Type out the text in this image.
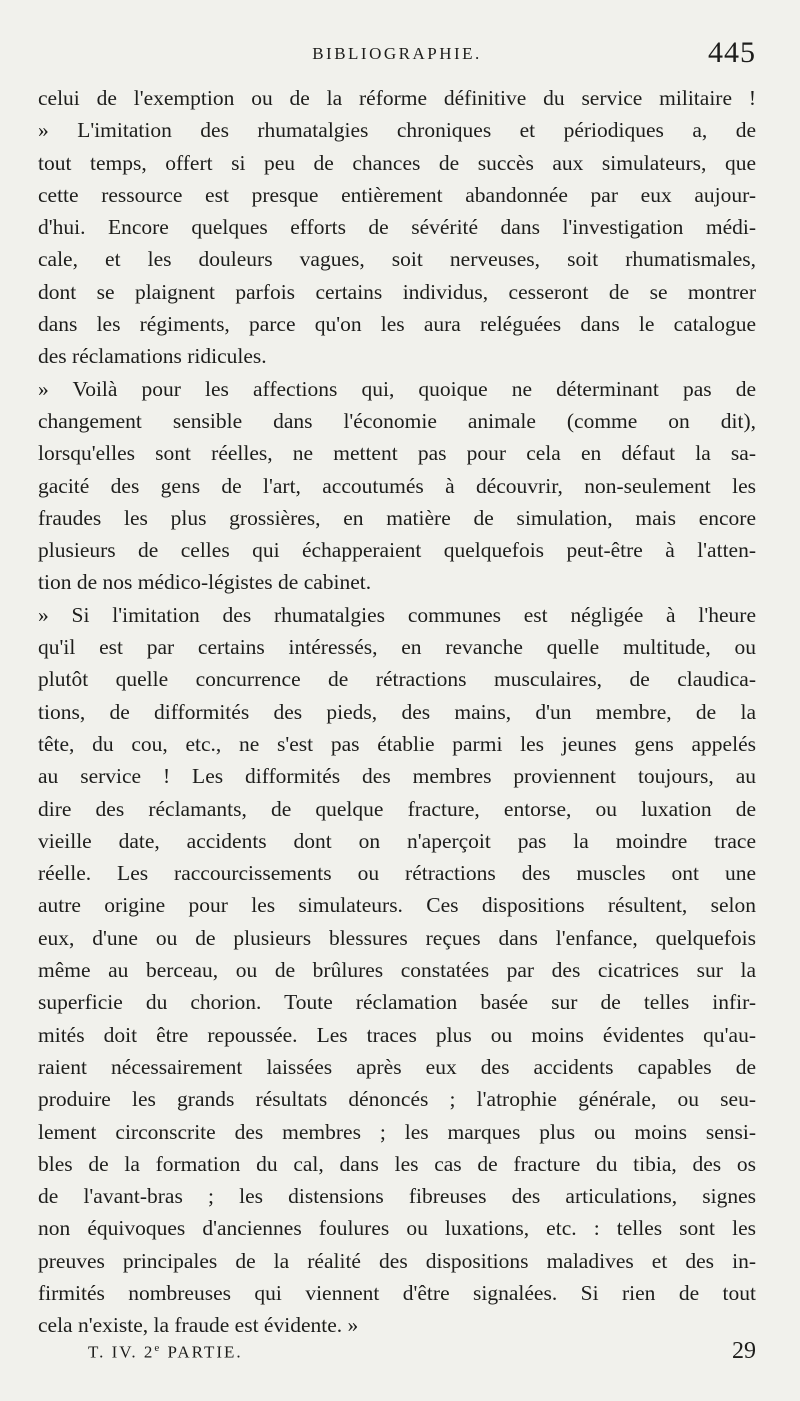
BIBLIOGRAPHIE.	445
celui de l'exemption ou de la réforme définitive du service militaire !
» L'imitation des rhumatalgies chroniques et périodiques a, de
tout temps, offert si peu de chances de succès aux simulateurs, que
cette ressource est presque entièrement abandonnée par eux aujour-
d'hui. Encore quelques efforts de sévérité dans l'investigation médi-
cale, et les douleurs vagues, soit nerveuses, soit rhumatismales,
dont se plaignent parfois certains individus, cesseront de se montrer
dans les régiments, parce qu'on les aura reléguées dans le catalogue
des réclamations ridicules.
» Voilà pour les affections qui, quoique ne déterminant pas de
changement sensible dans l'économie animale (comme on dit),
lorsqu'elles sont réelles, ne mettent pas pour cela en défaut la sa-
gacité des gens de l'art, accoutumés à découvrir, non-seulement les
fraudes les plus grossières, en matière de simulation, mais encore
plusieurs de celles qui échapperaient quelquefois peut-être à l'atten-
tion de nos médico-légistes de cabinet.
» Si l'imitation des rhumatalgies communes est négligée à l'heure
qu'il est par certains intéressés, en revanche quelle multitude, ou
plutôt quelle concurrence de rétractions musculaires, de claudica-
tions, de difformités des pieds, des mains, d'un membre, de la
tête, du cou, etc., ne s'est pas établie parmi les jeunes gens appelés
au service ! Les difformités des membres proviennent toujours, au
dire des réclamants, de quelque fracture, entorse, ou luxation de
vieille date, accidents dont on n'aperçoit pas la moindre trace
réelle. Les raccourcissements ou rétractions des muscles ont une
autre origine pour les simulateurs. Ces dispositions résultent, selon
eux, d'une ou de plusieurs blessures reçues dans l'enfance, quelquefois
même au berceau, ou de brûlures constatées par des cicatrices sur la
superficie du chorion. Toute réclamation basée sur de telles infir-
mités doit être repoussée. Les traces plus ou moins évidentes qu'au-
raient nécessairement laissées après eux des accidents capables de
produire les grands résultats dénoncés ; l'atrophie générale, ou seu-
lement circonscrite des membres ; les marques plus ou moins sensi-
bles de la formation du cal, dans les cas de fracture du tibia, des os
de l'avant-bras ; les distensions fibreuses des articulations, signes
non équivoques d'anciennes foulures ou luxations, etc. : telles sont les
preuves principales de la réalité des dispositions maladives et des in-
firmités nombreuses qui viennent d'être signalées. Si rien de tout
cela n'existe, la fraude est évidente. »
T. IV. 2e PARTIE.	29
